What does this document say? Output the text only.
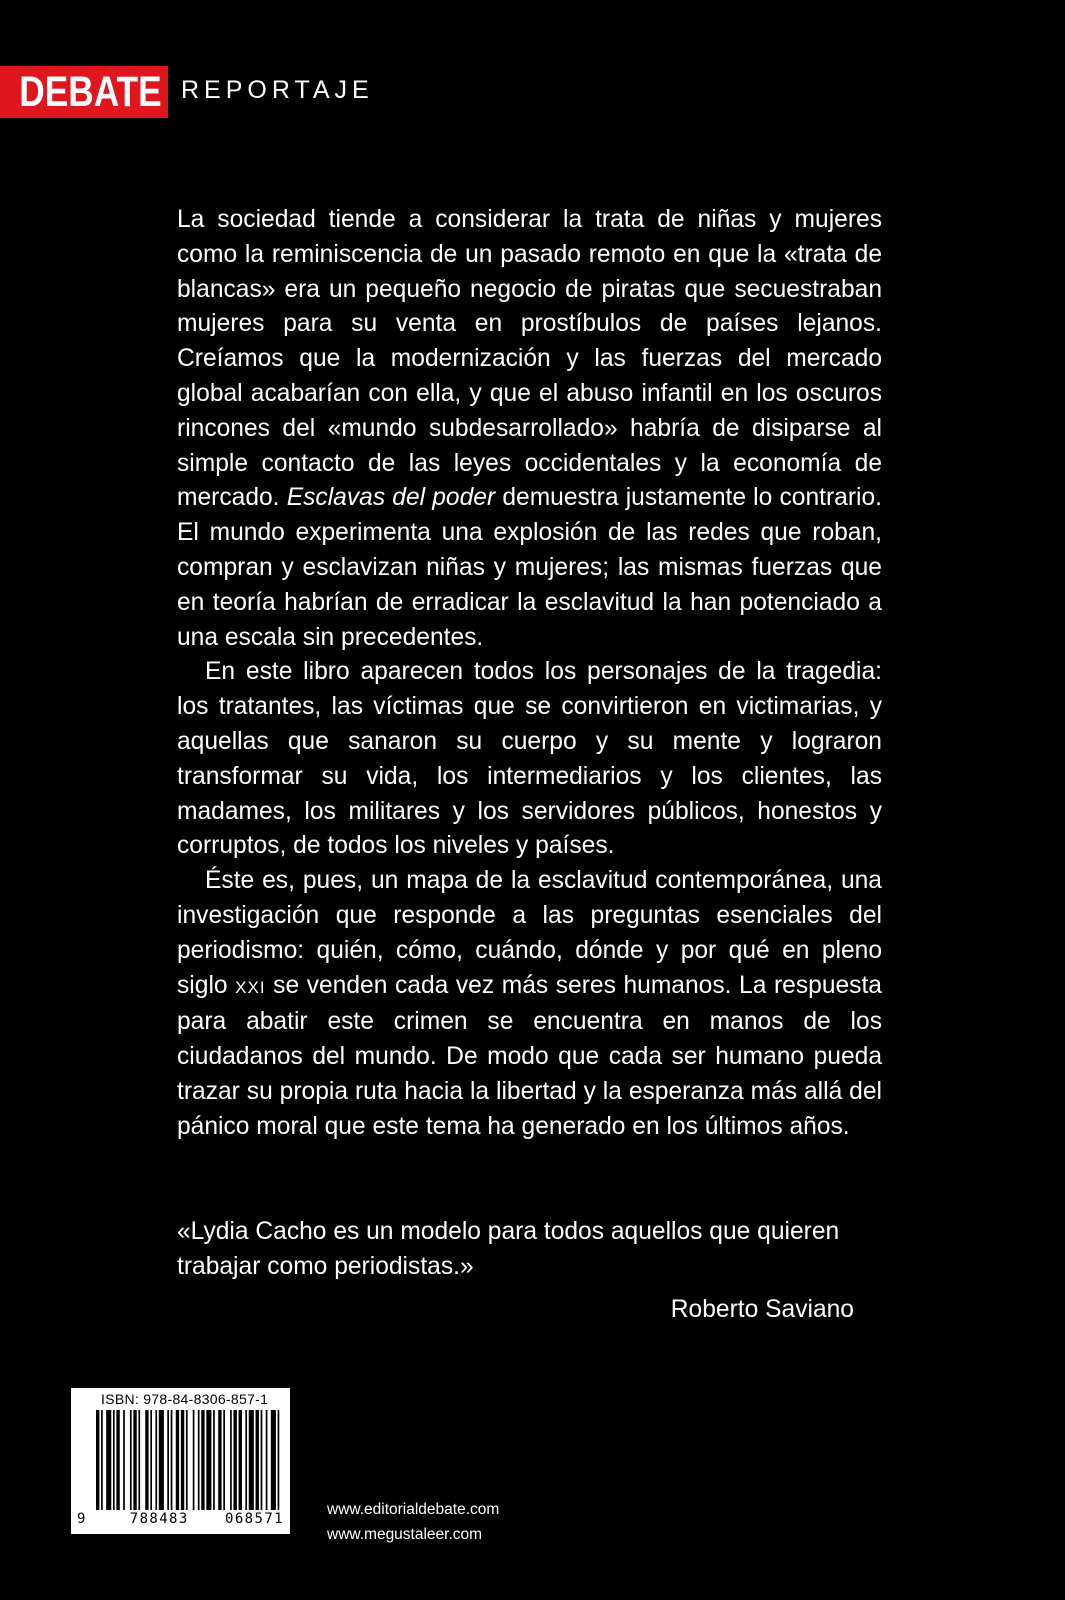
DEBATE REPORTAJE

La sociedad tiende a considerar la trata de niñas y mujeres como la reminiscencia de un pasado remoto en que la «trata de blancas» era un pequeño negocio de piratas que secuestraban mujeres para su venta en prostíbulos de países lejanos. Creíamos que la modernización y las fuerzas del mercado global acabarían con ella, y que el abuso infantil en los oscuros rincones del «mundo subdesarrollado» habría de disiparse al simple contacto de las leyes occidentales y la economía de mercado. Esclavas del poder demuestra justamente lo contrario. El mundo experimenta una explosión de las redes que roban, compran y esclavizan niñas y mujeres; las mismas fuerzas que en teoría habrían de erradicar la esclavitud la han potenciado a una escala sin precedentes.

En este libro aparecen todos los personajes de la tragedia: los tratantes, las víctimas que se convirtieron en victimarias, y aquellas que sanaron su cuerpo y su mente y lograron transformar su vida, los intermediarios y los clientes, las madames, los militares y los servidores públicos, honestos y corruptos, de todos los niveles y países.

Éste es, pues, un mapa de la esclavitud contemporánea, una investigación que responde a las preguntas esenciales del periodismo: quién, cómo, cuándo, dónde y por qué en pleno siglo XXI se venden cada vez más seres humanos. La respuesta para abatir este crimen se encuentra en manos de los ciudadanos del mundo. De modo que cada ser humano pueda trazar su propia ruta hacia la libertad y la esperanza más allá del pánico moral que este tema ha generado en los últimos años.

«Lydia Cacho es un modelo para todos aquellos que quieren trabajar como periodistas.»
Roberto Saviano
ISBN: 978-84-8306-857-1
9	788483	068571
www.editorialdebate.com
www.megustaleer.com
